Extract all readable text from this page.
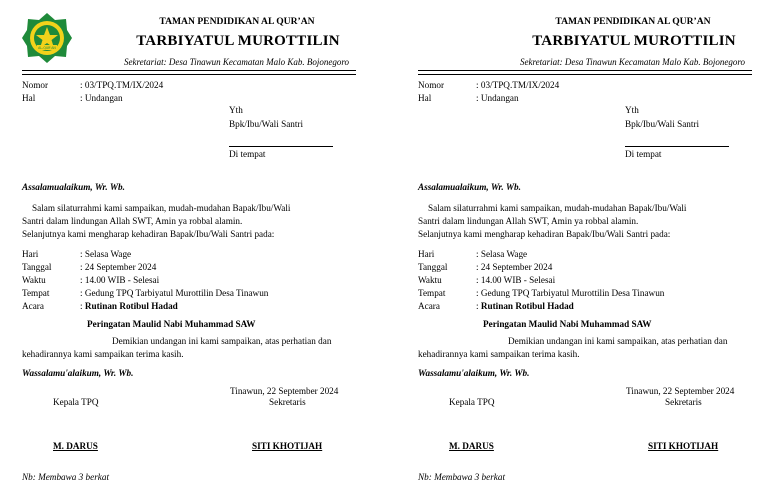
AL-QUR'AN
TAMAN PENDIDIKAN AL QUR’AN
TARBIYATUL MUROTTILIN
Sekretariat: Desa Tinawun Kecamatan Malo Kab. Bojonegoro
Nomor	: 03/TPQ.TM/IX/2024
Hal	: Undangan
Yth
Bpk/Ibu/Wali Santri
Di tempat
Assalamualaikum, Wr. Wb.
Salam silaturrahmi kami sampaikan, mudah-mudahan Bapak/Ibu/Wali
Santri dalam lindungan Allah SWT, Amin ya robbal alamin.
Selanjutnya kami mengharap kehadiran Bapak/Ibu/Wali Santri pada:
Hari	: Selasa Wage
Tanggal	: 24 September 2024
Waktu	: 14.00 WIB - Selesai
Tempat	: Gedung TPQ Tarbiyatul Murottilin Desa Tinawun
Acara	: Rutinan Rotibul Hadad
Peringatan Maulid Nabi Muhammad SAW
Demikian undangan ini kami sampaikan, atas perhatian dan
kehadirannya kami sampaikan terima kasih.
Wassalamu'alaikum, Wr. Wb.
Tinawun, 22 September 2024
Kepala TPQ	Sekretaris
M. DARUS	SITI KHOTIJAH
Nb: Membawa 3 berkat
TAMAN PENDIDIKAN AL QUR’AN
TARBIYATUL MUROTTILIN
Sekretariat: Desa Tinawun Kecamatan Malo Kab. Bojonegoro
Nomor	: 03/TPQ.TM/IX/2024
Hal	: Undangan
Yth
Bpk/Ibu/Wali Santri
Di tempat
Assalamualaikum, Wr. Wb.
Salam silaturrahmi kami sampaikan, mudah-mudahan Bapak/Ibu/Wali
Santri dalam lindungan Allah SWT, Amin ya robbal alamin.
Selanjutnya kami mengharap kehadiran Bapak/Ibu/Wali Santri pada:
Hari	: Selasa Wage
Tanggal	: 24 September 2024
Waktu	: 14.00 WIB - Selesai
Tempat	: Gedung TPQ Tarbiyatul Murottilin Desa Tinawun
Acara	: Rutinan Rotibul Hadad
Peringatan Maulid Nabi Muhammad SAW
Demikian undangan ini kami sampaikan, atas perhatian dan
kehadirannya kami sampaikan terima kasih.
Wassalamu'alaikum, Wr. Wb.
Tinawun, 22 September 2024
Kepala TPQ	Sekretaris
M. DARUS	SITI KHOTIJAH
Nb: Membawa 3 berkat
